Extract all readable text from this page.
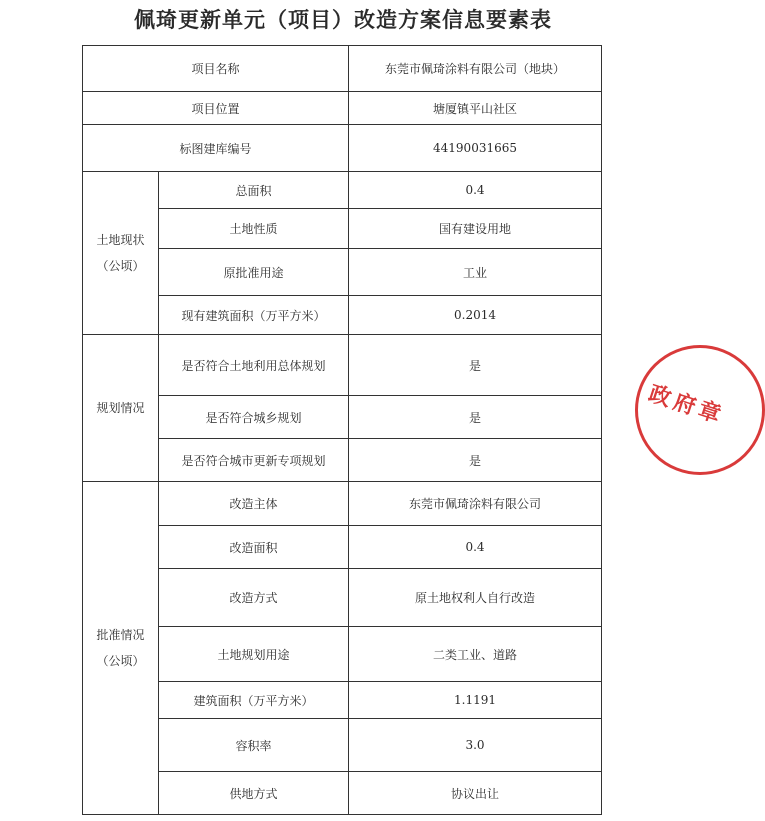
佩琦更新单元（项目）改造方案信息要素表
项目名称		东莞市佩琦涂料有限公司（地块）
项目位置		塘厦镇平山社区
标图建库编号		44190031665

土地现状
（公顷）	总面积	0.4
	土地性质	国有建设用地
	原批准用途	工业
	现有建筑面积（万平方米）	0.2014

规划情况	是否符合土地利用总体规划	是
	是否符合城乡规划	是
	是否符合城市更新专项规划	是

批准情况
（公顷）	改造主体	东莞市佩琦涂料有限公司
	改造面积	0.4
	改造方式	原土地权利人自行改造
	土地规划用途	二类工业、道路
	建筑面积（万平方米）	1.1191
	容积率	3.0
	供地方式	协议出让
政府章
